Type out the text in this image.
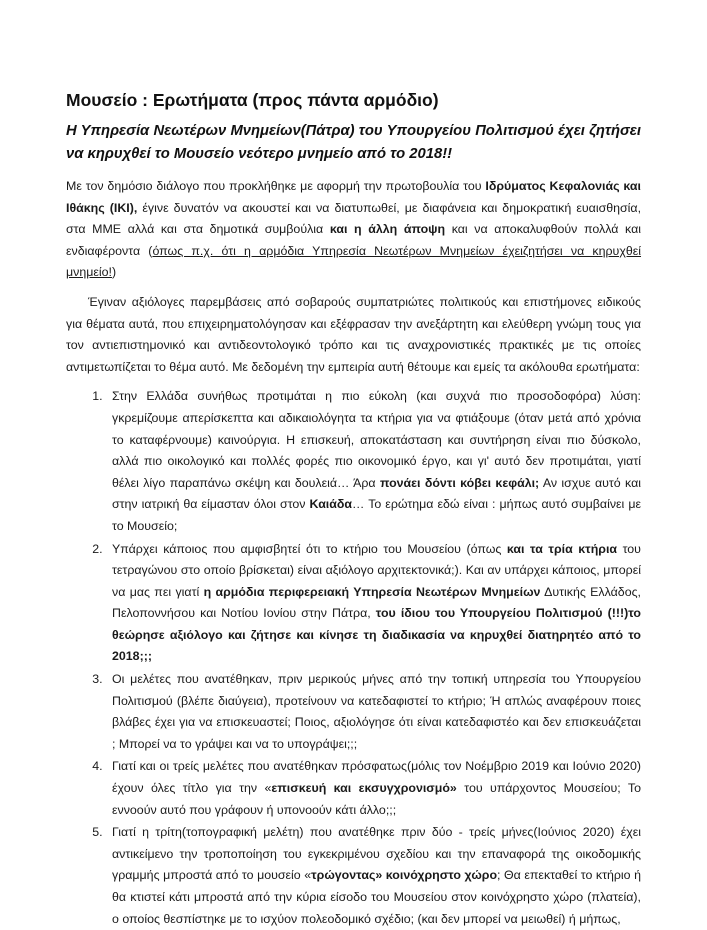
Μουσείο : Ερωτήματα (προς πάντα αρμόδιο)
Η Υπηρεσία Νεωτέρων Μνημείων(Πάτρα) του Υπουργείου Πολιτισμού έχει ζητήσει να κηρυχθεί το Μουσείο νεότερο μνημείο από το 2018!!

Με τον δημόσιο διάλογο που προκλήθηκε με αφορμή την πρωτοβουλία του Ιδρύματος Κεφαλονιάς και Ιθάκης (ΙΚΙ), έγινε δυνατόν να ακουστεί και να διατυπωθεί, με διαφάνεια και δημοκρατική ευαισθησία, στα ΜΜΕ αλλά και στα δημοτικά συμβούλια και η άλλη άποψη και να αποκαλυφθούν πολλά και ενδιαφέροντα (όπως π.χ. ότι η αρμόδια Υπηρεσία Νεωτέρων Μνημείων έχειζητήσει να κηρυχθεί μνημείο!)

Έγιναν αξιόλογες παρεμβάσεις από σοβαρούς συμπατριώτες πολιτικούς και επιστήμονες ειδικούς για θέματα αυτά, που επιχειρηματολόγησαν και εξέφρασαν την ανεξάρτητη και ελεύθερη γνώμη τους για τον αντιεπιστημονικό και αντιδεοντολογικό τρόπο και τις αναχρονιστικές πρακτικές με τις οποίες αντιμετωπίζεται το θέμα αυτό. Με δεδομένη την εμπειρία αυτή θέτουμε και εμείς τα ακόλουθα ερωτήματα:

1. Στην Ελλάδα συνήθως προτιμάται η πιο εύκολη (και συχνά πιο προσοδοφόρα) λύση: γκρεμίζουμε απερίσκεπτα και αδικαιολόγητα τα κτήρια για να φτιάξουμε (όταν μετά από χρόνια το καταφέρνουμε) καινούργια. Η επισκευή, αποκατάσταση και συντήρηση είναι πιο δύσκολο, αλλά πιο οικολογικό και πολλές φορές πιο οικονομικό έργο, και γι' αυτό δεν προτιμάται, γιατί θέλει λίγο παραπάνω σκέψη και δουλειά… Άρα πονάει δόντι κόβει κεφάλι; Αν ισχυε αυτό και στην ιατρική θα είμασταν όλοι στον Καιάδα… Το ερώτημα εδώ είναι : μήπως αυτό συμβαίνει με το Μουσείο;
2. Υπάρχει κάποιος που αμφισβητεί ότι το κτήριο του Μουσείου (όπως και τα τρία κτήρια του τετραγώνου στο οποίο βρίσκεται) είναι αξιόλογο αρχιτεκτονικά;). Και αν υπάρχει κάποιος, μπορεί να μας πει γιατί η αρμόδια περιφερειακή Υπηρεσία Νεωτέρων Μνημείων Δυτικής Ελλάδος, Πελοποννήσου και Νοτίου Ιονίου στην Πάτρα, του ίδιου του Υπουργείου Πολιτισμού (!!!)το θεώρησε αξιόλογο και ζήτησε και κίνησε τη διαδικασία να κηρυχθεί διατηρητέο από το 2018;;;
3. Οι μελέτες που ανατέθηκαν, πριν μερικούς μήνες από την τοπική υπηρεσία του Υπουργείου Πολιτισμού (βλέπε διαύγεια), προτείνουν να κατεδαφιστεί το κτήριο; Ή απλώς αναφέρουν ποιες βλάβες έχει για να επισκευαστεί; Ποιος, αξιολόγησε ότι είναι κατεδαφιστέο και δεν επισκευάζεται ; Μπορεί να το γράψει και να το υπογράψει;;;
4. Γιατί και οι τρείς μελέτες που ανατέθηκαν πρόσφατως(μόλις τον Νοέμβριο 2019 και Ιούνιο 2020) έχουν όλες τίτλο για την «επισκευή και εκσυγχρονισμό» του υπάρχοντος Μουσείου; Το εννοούν αυτό που γράφουν ή υπονοούν κάτι άλλο;;;
5. Γιατί η τρίτη(τοπογραφική μελέτη) που ανατέθηκε πριν δύο - τρείς μήνες(Ιούνιος 2020) έχει αντικείμενο την τροποποίηση του εγκεκριμένου σχεδίου και την επαναφορά της οικοδομικής γραμμής μπροστά από το μουσείο «τρώγοντας» κοινόχρηστο χώρο; Θα επεκταθεί το κτήριο ή θα κτιστεί κάτι μπροστά από την κύρια είσοδο του Μουσείου στον κοινόχρηστο χώρο (πλατεία), ο οποίος θεσπίστηκε με το ισχύον πολεοδομικό σχέδιο; (και δεν μπορεί να μειωθεί) ή μήπως,
